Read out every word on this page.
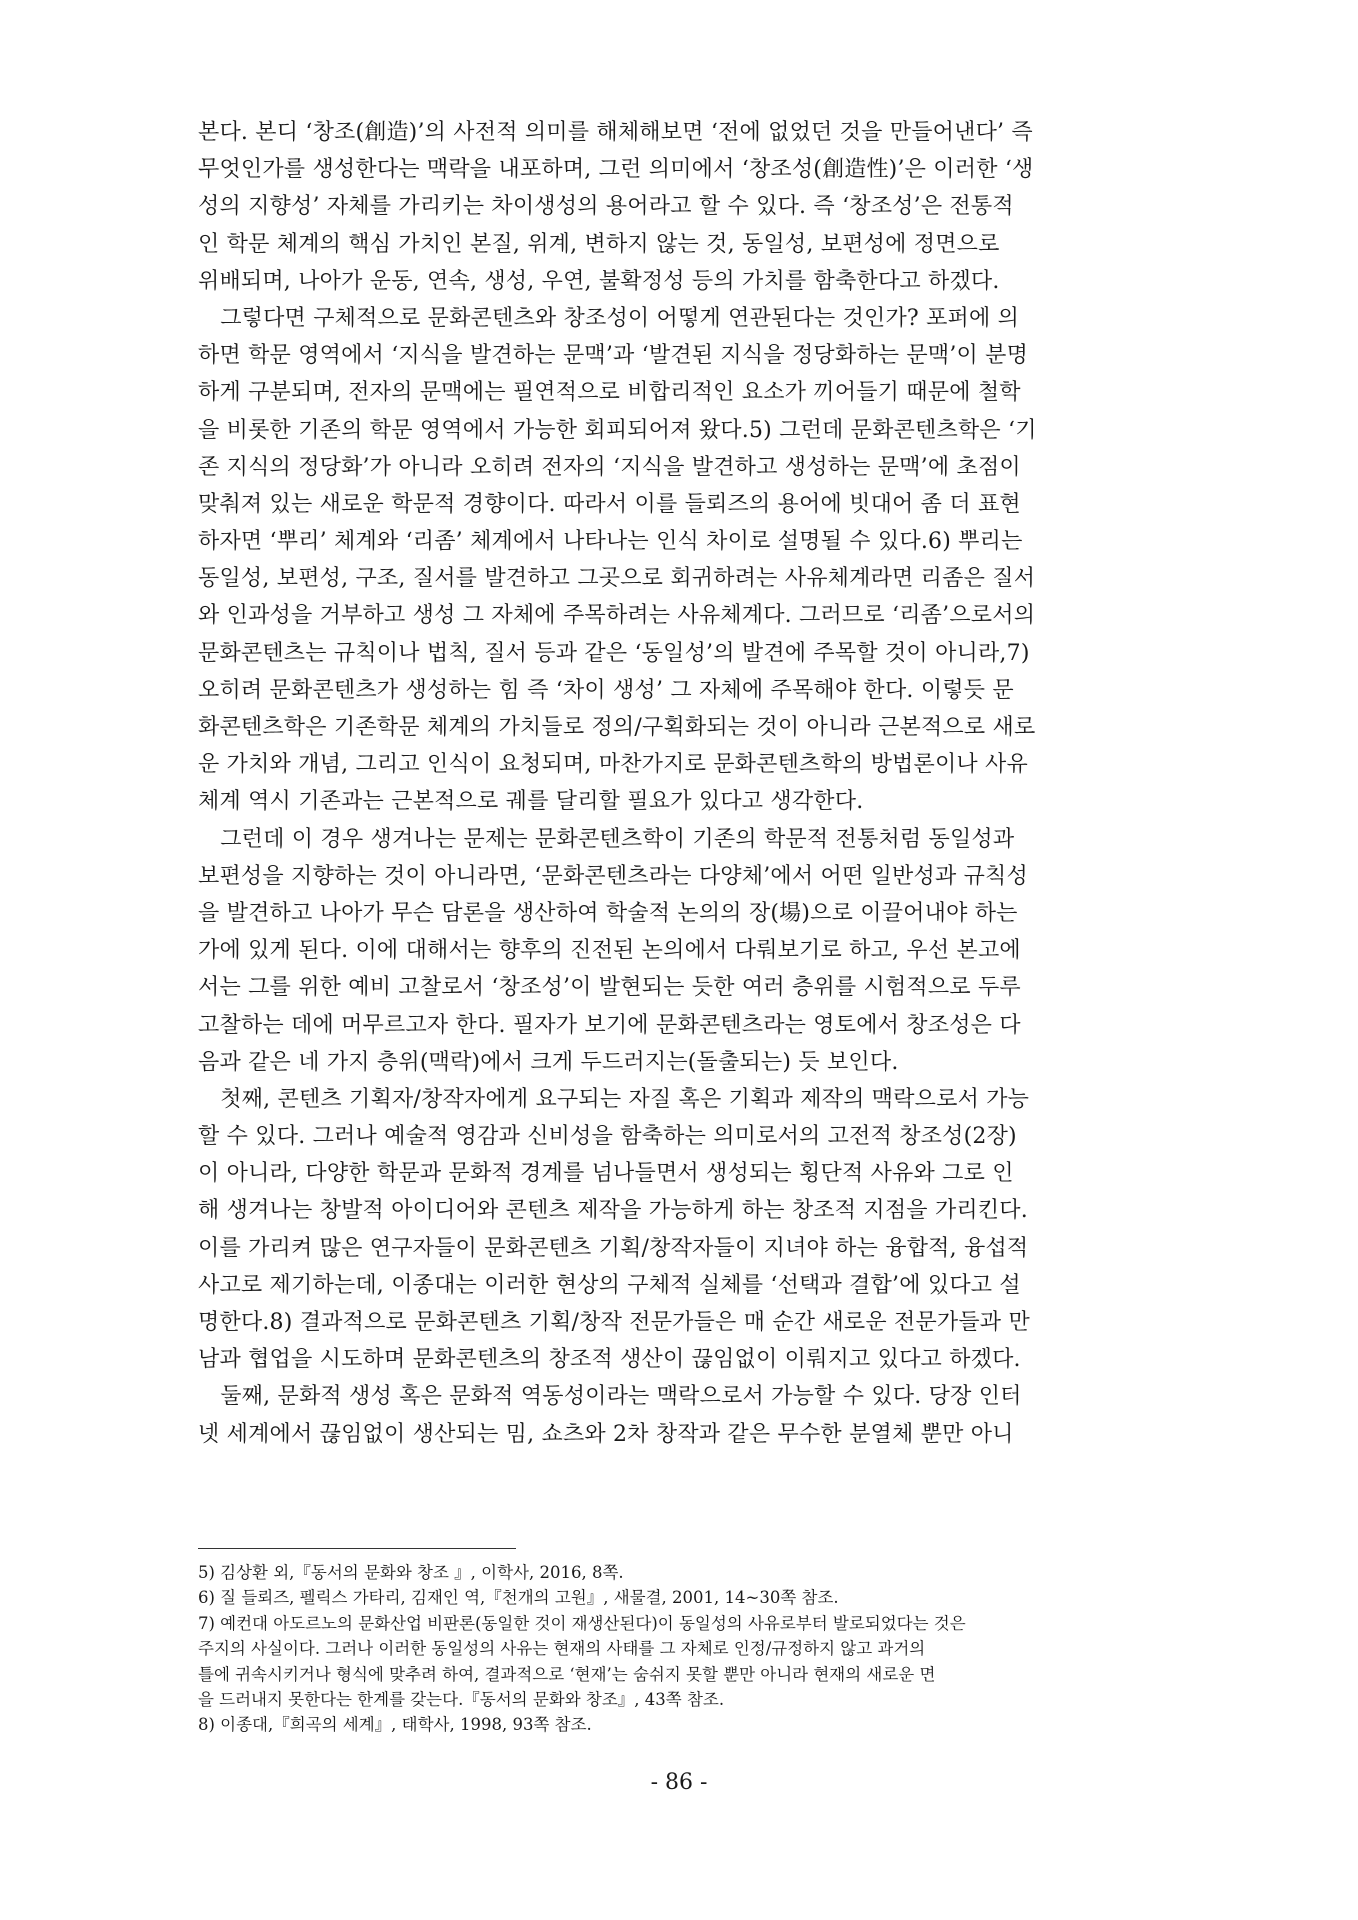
본다. 본디 ‘창조(創造)’의 사전적 의미를 해체해보면 ‘전에 없었던 것을 만들어낸다’ 즉
무엇인가를 생성한다는 맥락을 내포하며, 그런 의미에서 ‘창조성(創造性)’은 이러한 ‘생
성의 지향성’ 자체를 가리키는 차이생성의 용어라고 할 수 있다. 즉 ‘창조성’은 전통적
인 학문 체계의 핵심 가치인 본질, 위계, 변하지 않는 것, 동일성, 보편성에 정면으로
위배되며, 나아가 운동, 연속, 생성, 우연, 불확정성 등의 가치를 함축한다고 하겠다.
　그렇다면 구체적으로 문화콘텐츠와 창조성이 어떻게 연관된다는 것인가? 포퍼에 의
하면 학문 영역에서 ‘지식을 발견하는 문맥’과 ‘발견된 지식을 정당화하는 문맥’이 분명
하게 구분되며, 전자의 문맥에는 필연적으로 비합리적인 요소가 끼어들기 때문에 철학
을 비롯한 기존의 학문 영역에서 가능한 회피되어져 왔다.5) 그런데 문화콘텐츠학은 ‘기
존 지식의 정당화’가 아니라 오히려 전자의 ‘지식을 발견하고 생성하는 문맥’에 초점이
맞춰져 있는 새로운 학문적 경향이다. 따라서 이를 들뢰즈의 용어에 빗대어 좀 더 표현
하자면 ‘뿌리’ 체계와 ‘리좀’ 체계에서 나타나는 인식 차이로 설명될 수 있다.6) 뿌리는
동일성, 보편성, 구조, 질서를 발견하고 그곳으로 회귀하려는 사유체계라면 리좀은 질서
와 인과성을 거부하고 생성 그 자체에 주목하려는 사유체계다. 그러므로 ‘리좀’으로서의
문화콘텐츠는 규칙이나 법칙, 질서 등과 같은 ‘동일성’의 발견에 주목할 것이 아니라,7)
오히려 문화콘텐츠가 생성하는 힘 즉 ‘차이 생성’ 그 자체에 주목해야 한다. 이렇듯 문
화콘텐츠학은 기존학문 체계의 가치들로 정의/구획화되는 것이 아니라 근본적으로 새로
운 가치와 개념, 그리고 인식이 요청되며, 마찬가지로 문화콘텐츠학의 방법론이나 사유
체계 역시 기존과는 근본적으로 궤를 달리할 필요가 있다고 생각한다.
　그런데 이 경우 생겨나는 문제는 문화콘텐츠학이 기존의 학문적 전통처럼 동일성과
보편성을 지향하는 것이 아니라면, ‘문화콘텐츠라는 다양체’에서 어떤 일반성과 규칙성
을 발견하고 나아가 무슨 담론을 생산하여 학술적 논의의 장(場)으로 이끌어내야 하는
가에 있게 된다. 이에 대해서는 향후의 진전된 논의에서 다뤄보기로 하고, 우선 본고에
서는 그를 위한 예비 고찰로서 ‘창조성’이 발현되는 듯한 여러 층위를 시험적으로 두루
고찰하는 데에 머무르고자 한다. 필자가 보기에 문화콘텐츠라는 영토에서 창조성은 다
음과 같은 네 가지 층위(맥락)에서 크게 두드러지는(돌출되는) 듯 보인다.
　첫째, 콘텐츠 기획자/창작자에게 요구되는 자질 혹은 기획과 제작의 맥락으로서 가능
할 수 있다. 그러나 예술적 영감과 신비성을 함축하는 의미로서의 고전적 창조성(2장)
이 아니라, 다양한 학문과 문화적 경계를 넘나들면서 생성되는 횡단적 사유와 그로 인
해 생겨나는 창발적 아이디어와 콘텐츠 제작을 가능하게 하는 창조적 지점을 가리킨다.
이를 가리켜 많은 연구자들이 문화콘텐츠 기획/창작자들이 지녀야 하는 융합적, 융섭적
사고로 제기하는데, 이종대는 이러한 현상의 구체적 실체를 ‘선택과 결합’에 있다고 설
명한다.8) 결과적으로 문화콘텐츠 기획/창작 전문가들은 매 순간 새로운 전문가들과 만
남과 협업을 시도하며 문화콘텐츠의 창조적 생산이 끊임없이 이뤄지고 있다고 하겠다.
　둘째, 문화적 생성 혹은 문화적 역동성이라는 맥락으로서 가능할 수 있다. 당장 인터
넷 세계에서 끊임없이 생산되는 밈, 쇼츠와 2차 창작과 같은 무수한 분열체 뿐만 아니
5) 김상환 외,『동서의 문화와 창조 』, 이학사, 2016, 8쪽.
6) 질 들뢰즈, 펠릭스 가타리, 김재인 역,『천개의 고원』, 새물결, 2001, 14~30쪽 참조.
7) 예컨대 아도르노의 문화산업 비판론(동일한 것이 재생산된다)이 동일성의 사유로부터 발로되었다는 것은
주지의 사실이다. 그러나 이러한 동일성의 사유는 현재의 사태를 그 자체로 인정/규정하지 않고 과거의
틀에 귀속시키거나 형식에 맞추려 하여, 결과적으로 ‘현재’는 숨쉬지 못할 뿐만 아니라 현재의 새로운 면
을 드러내지 못한다는 한계를 갖는다.『동서의 문화와 창조』, 43쪽 참조.
8) 이종대,『희곡의 세계』, 태학사, 1998, 93쪽 참조.
- 86 -
